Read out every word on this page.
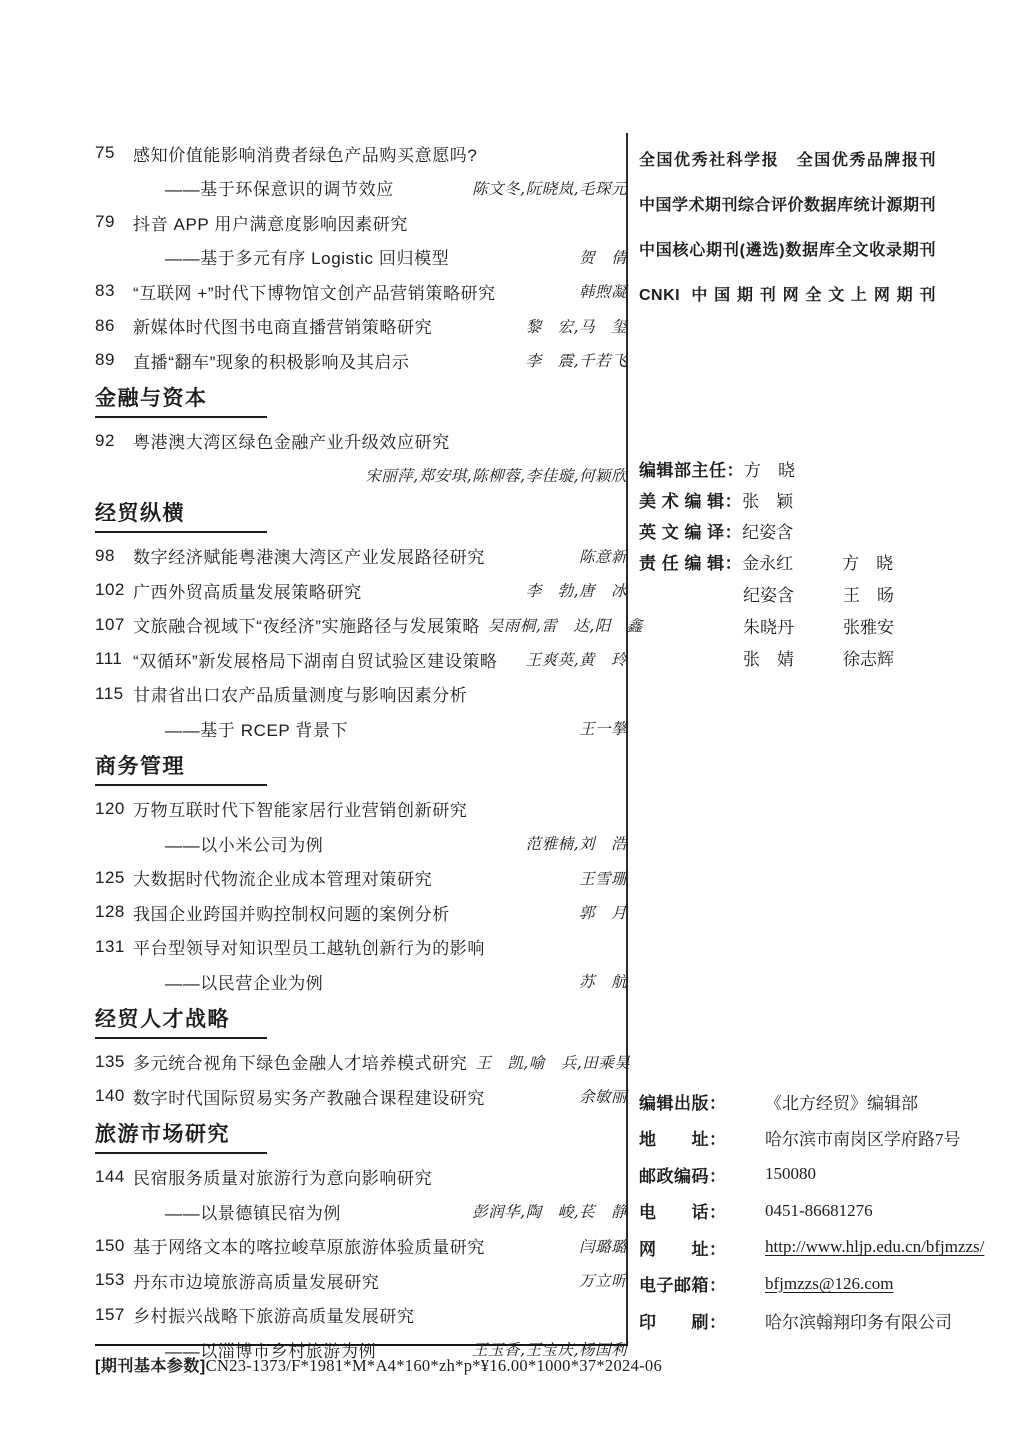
75	感知价值能影响消费者绿色产品购买意愿吗?
——基于环保意识的调节效应	陈文冬,阮晓岚,毛琛元
79	抖音 APP 用户满意度影响因素研究
——基于多元有序 Logistic 回归模型	贺　倩
83	“互联网 +”时代下博物馆文创产品营销策略研究	韩煦凝
86	新媒体时代图书电商直播营销策略研究	黎　宏,马　玺
89	直播“翻车”现象的积极影响及其启示	李　震,千若飞
金融与资本
92	粤港澳大湾区绿色金融产业升级效应研究
宋丽萍,郑安琪,陈柳蓉,李佳璇,何颖欣
经贸纵横
98	数字经济赋能粤港澳大湾区产业发展路径研究	陈意新
102 广西外贸高质量发展策略研究	李　勃,唐　冰
107 文旅融合视域下“夜经济”实施路径与发展策略 吴雨桐,雷　达,阳　鑫
111 “双循环”新发展格局下湖南自贸试验区建设策略	王爽英,黄　玲
115 甘肃省出口农产品质量测度与影响因素分析
——基于 RCEP 背景下	王一摮
商务管理
120 万物互联时代下智能家居行业营销创新研究
——以小米公司为例	范雅楠,刘　浩
125 大数据时代物流企业成本管理对策研究	王雪珊
128 我国企业跨国并购控制权问题的案例分析	郭　月
131 平台型领导对知识型员工越轨创新行为的影响
——以民营企业为例	苏　航
经贸人才战略
135 多元统合视角下绿色金融人才培养模式研究 王　凯,喻　兵,田乘昊
140 数字时代国际贸易实务产教融合课程建设研究	余敏丽
旅游市场研究
144 民宿服务质量对旅游行为意向影响研究
——以景德镇民宿为例	彭润华,陶　峻,苌　静
150 基于网络文本的喀拉峻草原旅游体验质量研究	闫璐璐
153 丹东市边境旅游高质量发展研究	万立昕
157 乡村振兴战略下旅游高质量发展研究
——以淄博市乡村旅游为例	王玉香,王宝庆,杨国利
全国优秀社科学报　全国优秀品牌报刊
中国学术期刊综合评价数据库统计源期刊
中国核心期刊(遴选)数据库全文收录期刊
CNKI 中国期刊网全文上网期刊
编辑部主任： 方　晓
美 术 编 辑： 张　颖
英 文 编 译： 纪姿含
责 任 编 辑： 金永红	方　晓
纪姿含	王　旸
朱晓丹	张雅安
张　婧	徐志辉
编辑出版：	《北方经贸》编辑部
地　　址：	哈尔滨市南岗区学府路7号
邮政编码：	150080
电　　话：	0451-86681276
网　　址：	http://www.hljp.edu.cn/bfjmzzs/
电子邮箱：	bfjmzzs@126.com
印　　刷：	哈尔滨翰翔印务有限公司
[期刊基本参数] CN23-1373/F*1981*M*A4*160*zh*p*¥16.00*1000*37*2024-06
